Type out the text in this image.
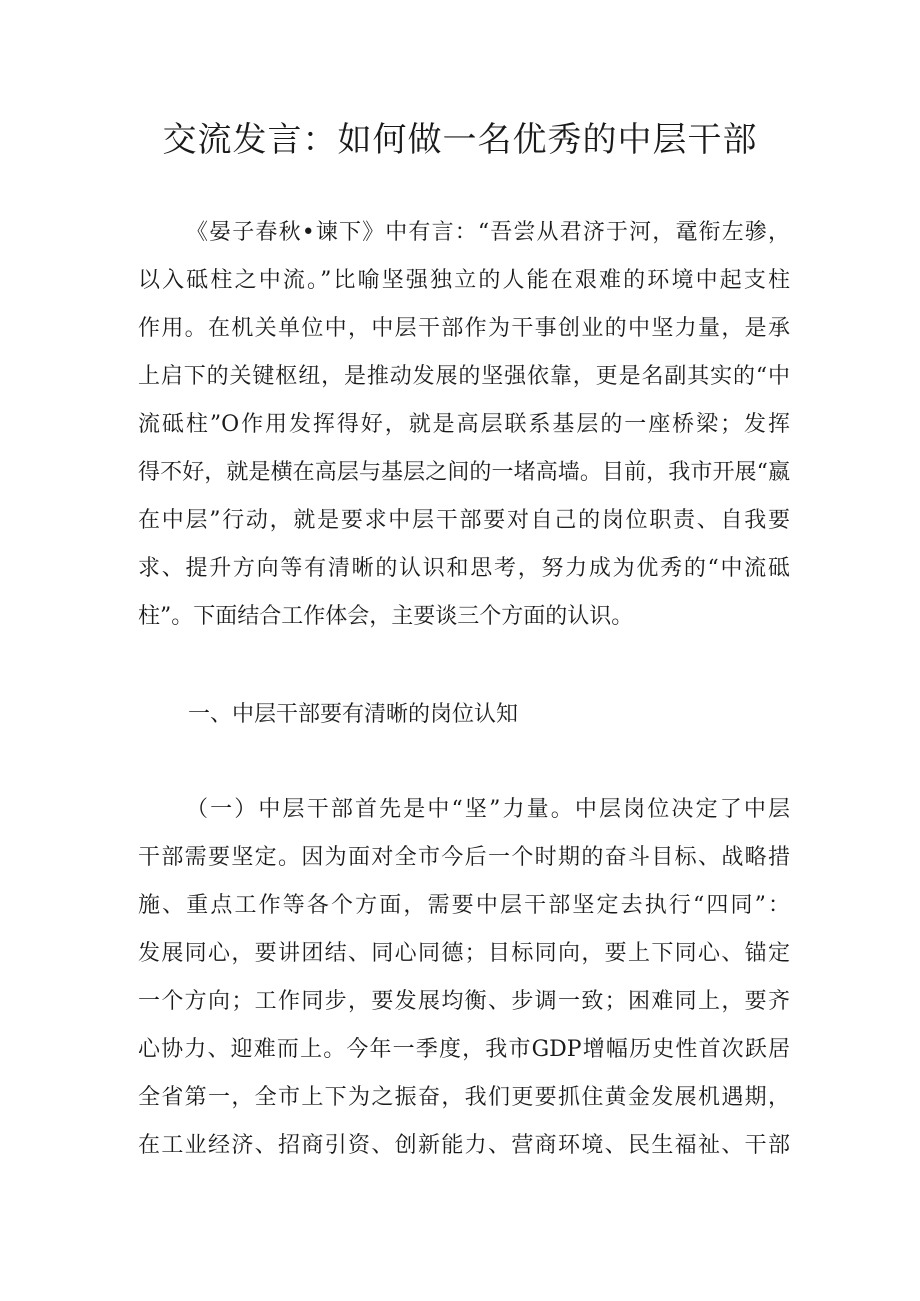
交流发言：如何做一名优秀的中层干部
《晏子春秋•谏下》中有言：“吾尝从君济于河，鼋衔左骖，
以入砥柱之中流。”比喻坚强独立的人能在艰难的环境中起支柱
作用。在机关单位中，中层干部作为干事创业的中坚力量，是承
上启下的关键枢纽，是推动发展的坚强依靠，更是名副其实的“中
流砥柱”O作用发挥得好，就是高层联系基层的一座桥梁；发挥
得不好，就是横在高层与基层之间的一堵高墙。目前，我市开展“嬴
在中层”行动，就是要求中层干部要对自己的岗位职责、自我要
求、提升方向等有清晰的认识和思考，努力成为优秀的“中流砥
柱”。下面结合工作体会，主要谈三个方面的认识。
一、中层干部要有清晰的岗位认知
（一）中层干部首先是中“坚”力量。中层岗位决定了中层
干部需要坚定。因为面对全市今后一个时期的奋斗目标、战略措
施、重点工作等各个方面，需要中层干部坚定去执行“四同”：
发展同心，要讲团结、同心同德；目标同向，要上下同心、锚定
一个方向；工作同步，要发展均衡、步调一致；困难同上，要齐
心协力、迎难而上。今年一季度，我市GDP增幅历史性首次跃居
全省第一，全市上下为之振奋，我们更要抓住黄金发展机遇期，
在工业经济、招商引资、创新能力、营商环境、民生福祉、干部
